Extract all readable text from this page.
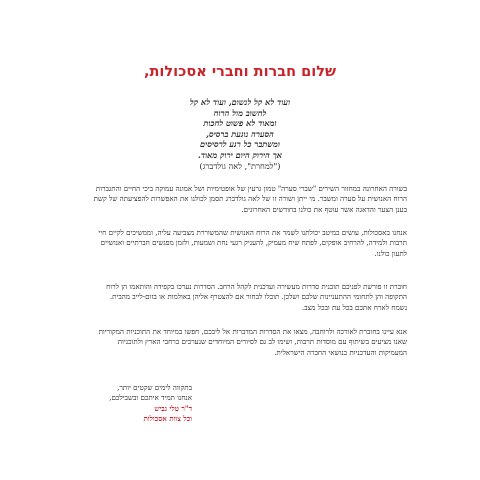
שלום חברות וחברי אסכולות,
ועוד לא קל לנשום, ועוד לא קל
לחשוב מול הרוח
ומאוד לא פשוט לחכות
הסערה נוגעת ברסיס,
ומשתבר כל רגע לרסיסים
אך הירוק היום ירוק מאוד.
("למחרת", לאה גולדברג)

בשורה האחרונה במחזור השירים "שברי סערה" טמון גרעין של אופטימיות ושל אמונה עמוקה ביכי החיים והתגברות
הרוח האנושית על סערה ומשבר. מי ייתן ושורה זו של לאה גולדברג תסמן לכולנו את האפשרות להפציעתה של קשת
בענן הצער והדאגה אשר עוטף את כולנו בחודשים האחרונים.

אנחנו באסכולות, עושים כמיטב יכולתנו לשמר את הרוח האנושית שהמשוררת מצביעה עליה, וממשיכים לקיים חיי
תרבות ולמידה, להרחיב אופקים, לפתח שיח מעמיק, להעניק רגעי נחת ושמעות, ולזמן מפגשים חברתיים ואנושיים
לתעון כולנו.

חוברת זו פורשת לפניכם תוכנית סדרות מעשירה ועדכנית לקהל הרחב. הסדרות נערכו בקפידה והותאמו הן לרוח
התקופה והן לתחומי ההתעניינות שלכם ושלכן. תוכלו לבחור אם להצטרף אליהן באולמות או בזום-לייב מהבית.
נשמח לארח אתכם בכל עת ובכל מצב.

אנא עיינו בחוברת לאורכה ולרוחבה, מצאו את הסדרות המדברות אל ליבכם, חפשו במיוחד את התוכניות המקוריות
שאנו מציעים בשיתוף עם מוסדות תרבות, ושימו לב גם לסיורים המיוחדים שנערכים ברחבי הארץ ולתוכניות
המעמיקות והעדכניות בנושאי החברה הישראלית.

בתקווה לימים שקטים יותר,
אנחנו תמיד איתכם ובשבילכם,
ד"ר טלי גביש
וכל צוות אסכולות
